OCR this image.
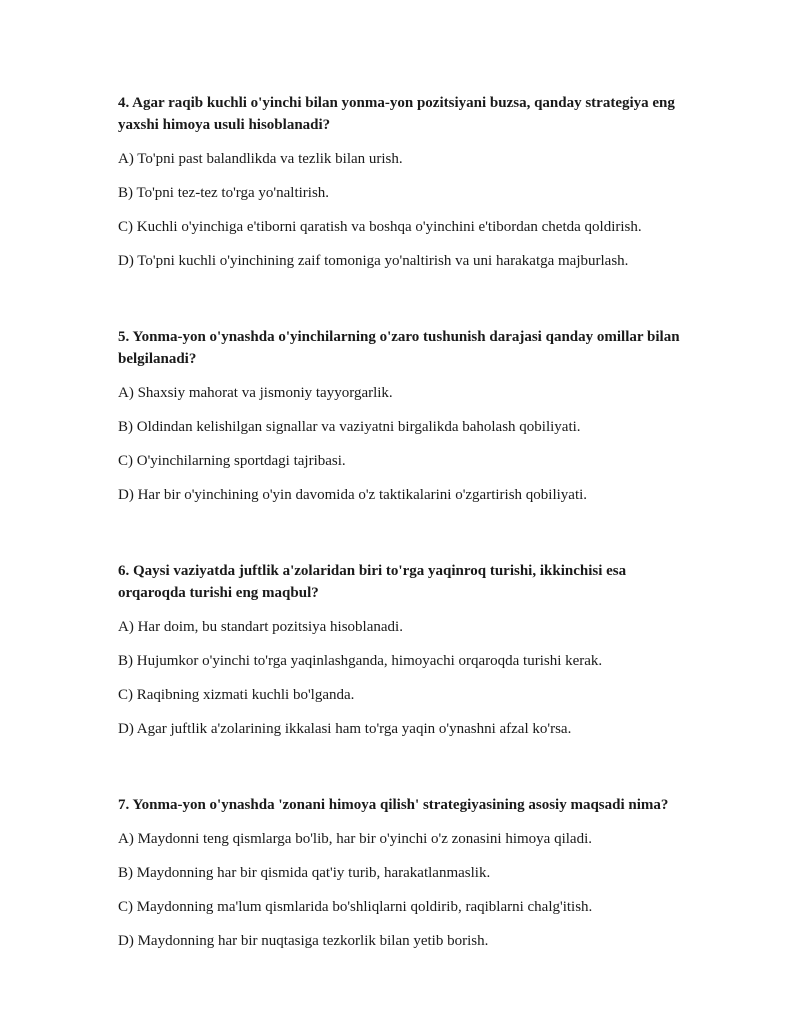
4. Agar raqib kuchli o'yinchi bilan yonma-yon pozitsiyani buzsa, qanday strategiya eng yaxshi himoya usuli hisoblanadi?
A) To'pni past balandlikda va tezlik bilan urish.
B) To'pni tez-tez to'rga yo'naltirish.
C) Kuchli o'yinchiga e'tiborni qaratish va boshqa o'yinchini e'tibordan chetda qoldirish.
D) To'pni kuchli o'yinchining zaif tomoniga yo'naltirish va uni harakatga majburlash.
5. Yonma-yon o'ynashda o'yinchilarning o'zaro tushunish darajasi qanday omillar bilan belgilanadi?
A) Shaxsiy mahorat va jismoniy tayyorgarlik.
B) Oldindan kelishilgan signallar va vaziyatni birgalikda baholash qobiliyati.
C) O'yinchilarning sportdagi tajribasi.
D) Har bir o'yinchining o'yin davomida o'z taktikalarini o'zgartirish qobiliyati.
6. Qaysi vaziyatda juftlik a'zolaridan biri to'rga yaqinroq turishi, ikkinchisi esa orqaroqda turishi eng maqbul?
A) Har doim, bu standart pozitsiya hisoblanadi.
B) Hujumkor o'yinchi to'rga yaqinlashganda, himoyachi orqaroqda turishi kerak.
C) Raqibning xizmati kuchli bo'lganda.
D) Agar juftlik a'zolarining ikkalasi ham to'rga yaqin o'ynashni afzal ko'rsa.
7. Yonma-yon o'ynashda 'zonani himoya qilish' strategiyasining asosiy maqsadi nima?
A) Maydonni teng qismlarga bo'lib, har bir o'yinchi o'z zonasini himoya qiladi.
B) Maydonning har bir qismida qat'iy turib, harakatlanmaslik.
C) Maydonning ma'lum qismlarida bo'shliqlarni qoldirib, raqiblarni chalg'itish.
D) Maydonning har bir nuqtasiga tezkorlik bilan yetib borish.
